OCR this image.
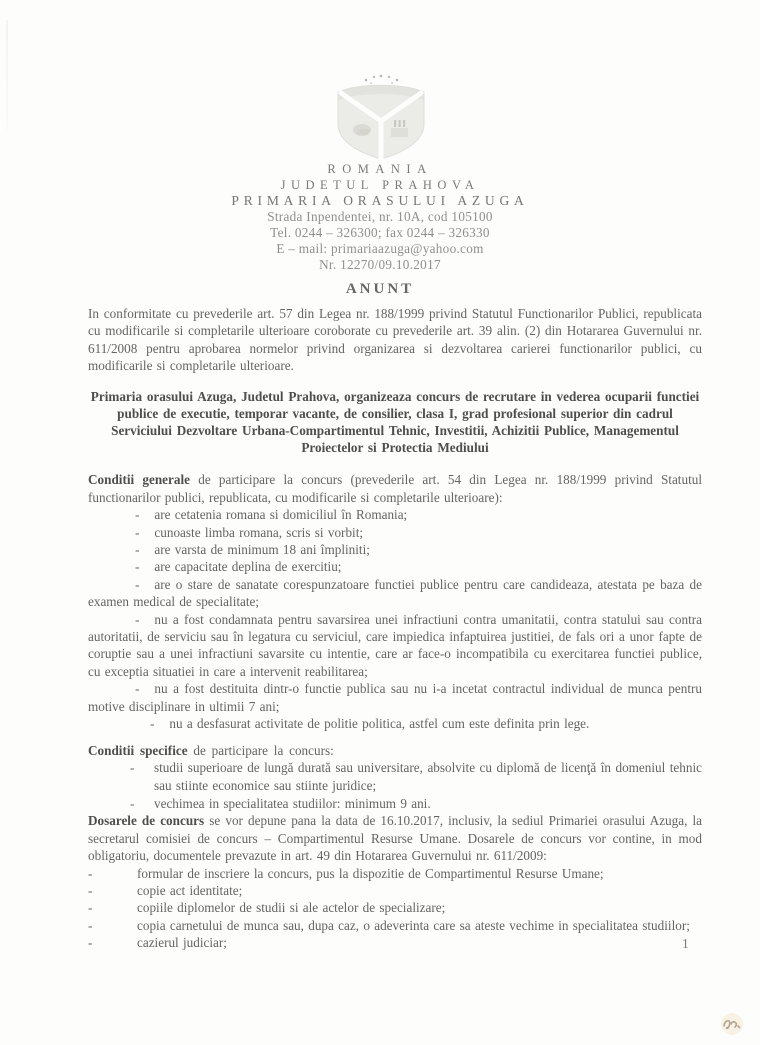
ROMANIA
JUDETUL PRAHOVA
PRIMARIA ORASULUI AZUGA
Strada Inpendentei, nr. 10A, cod 105100
Tel. 0244 – 326300; fax 0244 – 326330
E – mail: primariaazuga@yahoo.com
Nr. 12270/09.10.2017
ANUNT

In conformitate cu prevederile art. 57 din Legea nr. 188/1999 privind Statutul Functionarilor Publici, republicata cu modificarile si completarile ulterioare coroborate cu prevederile art. 39 alin. (2) din Hotararea Guvernului nr. 611/2008 pentru aprobarea normelor privind organizarea si dezvoltarea carierei functionarilor publici, cu modificarile si completarile ulterioare.

Primaria orasului Azuga, Judetul Prahova, organizeaza concurs de recrutare in vederea ocuparii functiei publice de executie, temporar vacante, de consilier, clasa I, grad profesional superior din cadrul Serviciului Dezvoltare Urbana-Compartimentul Tehnic, Investitii, Achizitii Publice, Managementul Proiectelor si Protectia Mediului

Conditii generale de participare la concurs (prevederile art. 54 din Legea nr. 188/1999 privind Statutul functionarilor publici, republicata, cu modificarile si completarile ulterioare):

- are cetatenia romana si domiciliul în Romania;
- cunoaste limba romana, scris si vorbit;
- are varsta de minimum 18 ani împliniti;
- are capacitate deplina de exercitiu;
- are o stare de sanatate corespunzatoare functiei publice pentru care candideaza, atestata pe baza de examen medical de specialitate;
- nu a fost condamnata pentru savarsirea unei infractiuni contra umanitatii, contra statului sau contra autoritatii, de serviciu sau în legatura cu serviciul, care impiedica infaptuirea justitiei, de fals ori a unor fapte de coruptie sau a unei infractiuni savarsite cu intentie, care ar face-o incompatibila cu exercitarea functiei publice, cu exceptia situatiei in care a intervenit reabilitarea;
- nu a fost destituita dintr-o functie publica sau nu i-a incetat contractul individual de munca pentru motive disciplinare in ultimii 7 ani;
- nu a desfasurat activitate de politie politica, astfel cum este definita prin lege.

Conditii specifice de participare la concurs:

- studii superioare de lungă durată sau universitare, absolvite cu diplomă de licenţă în domeniul tehnic sau stiinte economice sau stiinte juridice;
- vechimea in specialitatea studiilor: minimum 9 ani.

Dosarele de concurs se vor depune pana la data de 16.10.2017, inclusiv, la sediul Primariei orasului Azuga, la secretarul comisiei de concurs – Compartimentul Resurse Umane. Dosarele de concurs vor contine, in mod obligatoriu, documentele prevazute in art. 49 din Hotararea Guvernului nr. 611/2009:

- formular de inscriere la concurs, pus la dispozitie de Compartimentul Resurse Umane;
- copie act identitate;
- copiile diplomelor de studii si ale actelor de specializare;
- copia carnetului de munca sau, dupa caz, o adeverinta care sa ateste vechime in specialitatea studiilor;
- cazierul judiciar;	1
